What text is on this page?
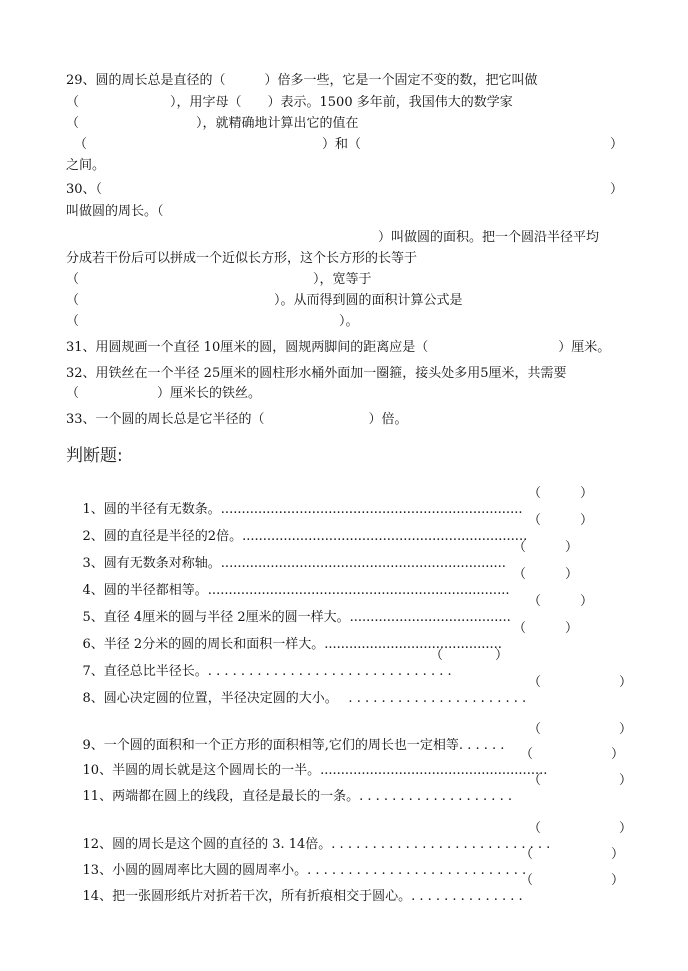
29、圆的周长总是直径的（　　　）倍多一些，它是一个固定不变的数，把它叫做
（　　　　　　　），用字母（　　）表示。1500 多年前，我国伟大的数学家
（　　　　　　　　　），就精确地计算出它的值在

（

	）和（

	）

之间。

30、（

	）

叫做圆的周长。（
）叫做圆的面积。把一个圆沿半径平均
分成若干份后可以拼成一个近似长方形，这个长方形的长等于
（　　　　　　　　　　　　　　　　　　），宽等于
（　　　　　　　　　　　　　　　）。从而得到圆的面积计算公式是
（　　　　　　　　　　　　　　　　　　　　）。
31、用圆规画一个直径 10厘米的圆，圆规两脚间的距离应是（　　　　　　　　　　）厘米。
32、用铁丝在一个半径 25厘米的圆柱形水桶外面加一圈箍，接头处多用5厘米，共需要
（　　　　　　）厘米长的铁丝。
33、一个圆的周长总是它半径的（　　　　　　　　）倍。
判断题:

1、圆的半径有无数条。.........................................................................

（　　　）

2、圆的直径是半径的2倍。.....................................................................

（　　　）

3、圆有无数条对称轴。.....................................................................

（　　　）

4、圆的半径都相等。.........................................................................

（　　　）

5、直径 4厘米的圆与半径 2厘米的圆一样大。.......................................

（　　　）

6、半径 2分米的圆的周长和面积一样大。...........................................

（　　　）

7、直径总比半径长。. . . . . . . . . . . . . . . . . . . . . . . . . . . . . .

（　　　　）

8、圆心决定圆的位置，半径决定圆的大小。　 . . . . . . . . . . . . . . . . . . . . . .

（　　　　　　）

9、一个圆的面积和一个正方形的面积相等,它们的周长也一定相等. . . . . .

（　　　　　　）

10、半圆的周长就是这个圆周长的一半。.......................................................

（　　　　　　）

11、两端都在圆上的线段，直径是最长的一条。. . . . . . . . . . . . . . . . . . .

（　　　　　　）

12、圆的周长是这个圆的直径的 3. 14倍。. . . . . . . . . . . . . . . . . . . . . . . . . . .

（　　　　　　）

13、小圆的圆周率比大圆的圆周率小。. . . . . . . . . . . . . . . . . . . . . . . . . . .

（　　　　　　）

14、把一张圆形纸片对折若干次，所有折痕相交于圆心。. . . . . . . . . . . . . .

（　　　　　　）
